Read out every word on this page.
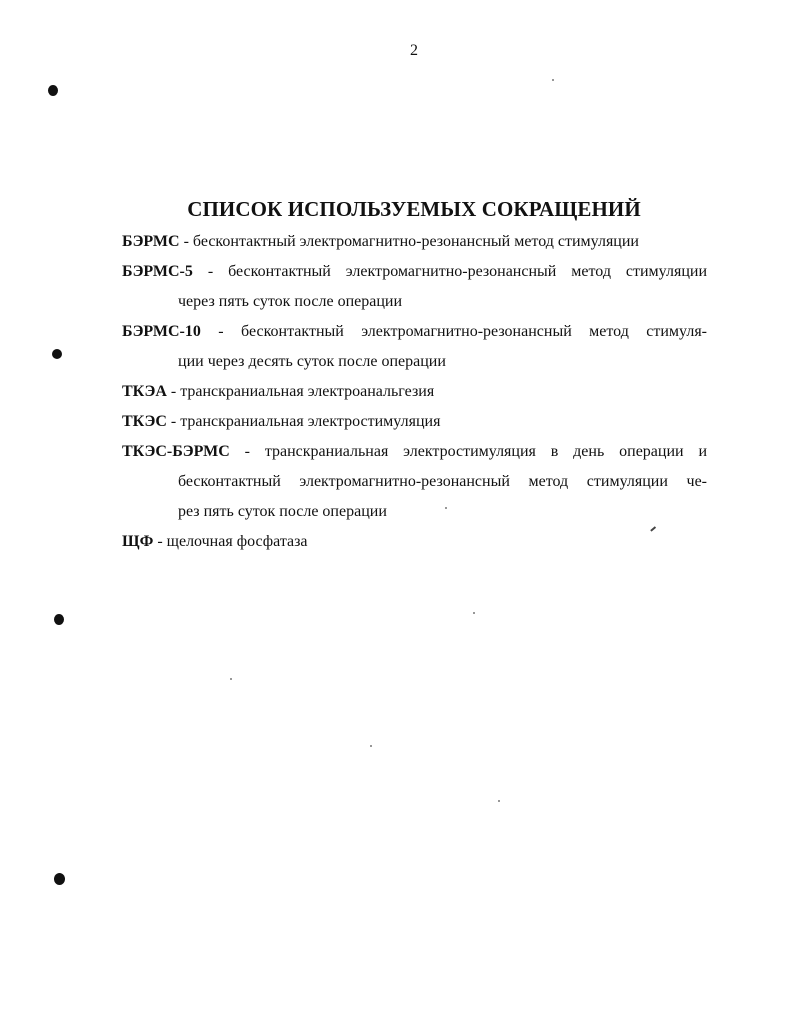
2
СПИСОК ИСПОЛЬЗУЕМЫХ СОКРАЩЕНИЙ
БЭРМС - бесконтактный электромагнитно-резонансный метод стимуляции
БЭРМС-5 - бесконтактный электромагнитно-резонансный метод стимуляции
через пять суток после операции
БЭРМС-10 - бесконтактный электромагнитно-резонансный метод стимуля-
ции через десять суток после операции
ТКЭА - транскраниальная электроанальгезия
ТКЭС - транскраниальная электростимуляция
ТКЭС-БЭРМС - транскраниальная электростимуляция в день операции и
бесконтактный электромагнитно-резонансный метод стимуляции че-
рез пять суток после операции
ЩФ - щелочная фосфатаза
